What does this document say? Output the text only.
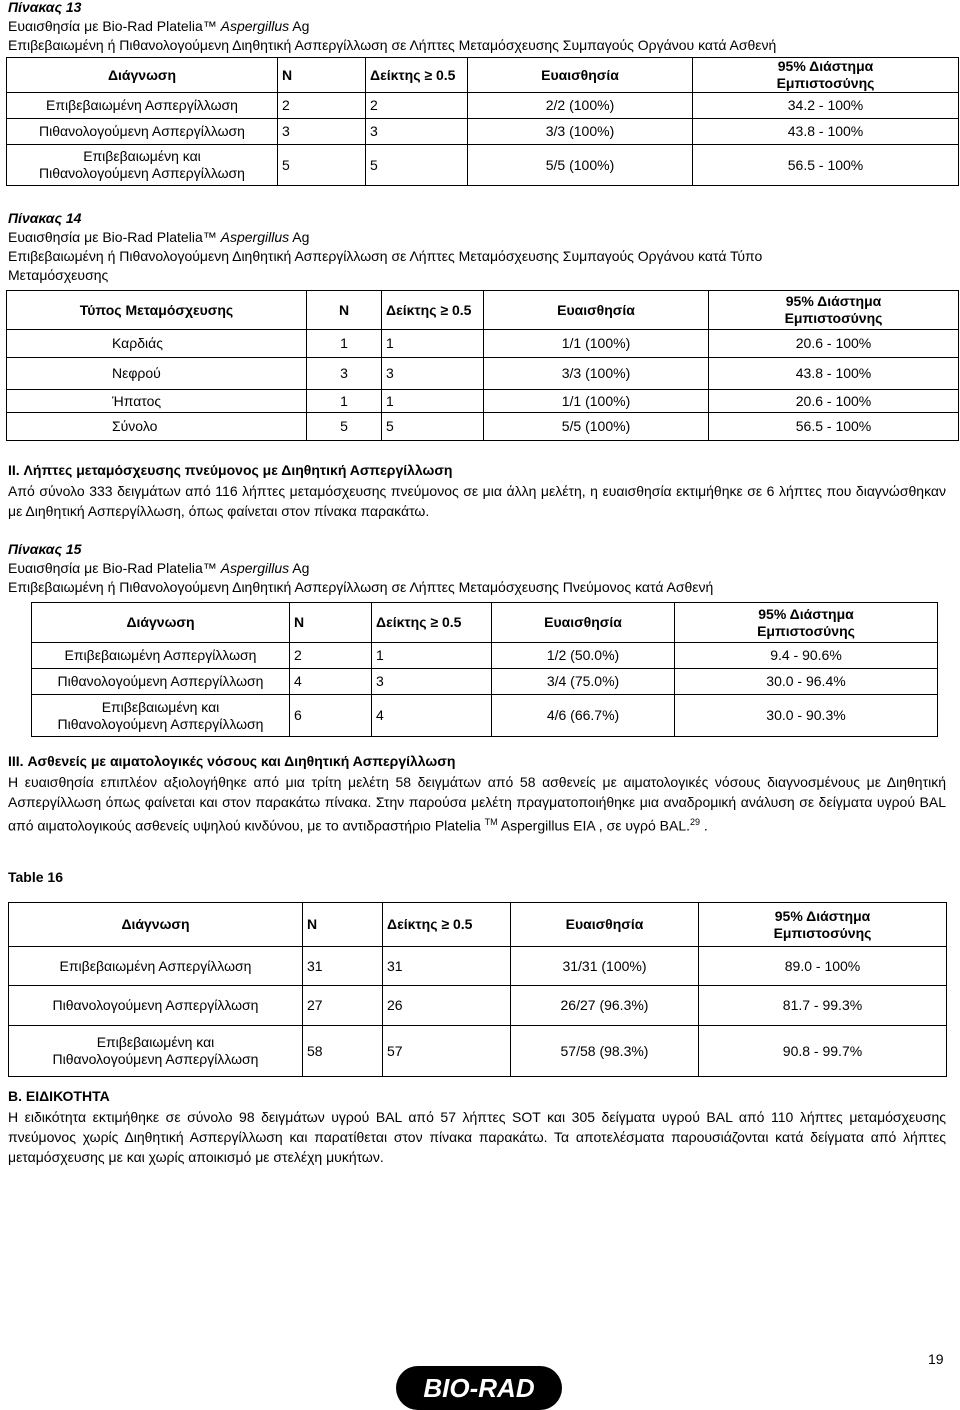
Πίνακας 13
Ευαισθησία με Bio-Rad Platelia™ Aspergillus Ag
Επιβεβαιωμένη ή Πιθανολογούμενη Διηθητική Ασπεργίλλωση σε Λήπτες Μεταμόσχευσης Συμπαγούς Οργάνου κατά Ασθενή
Διάγνωση	N	Δείκτης ≥ 0.5	Ευαισθησία	95% Διάστημα
Εμπιστοσύνης
Επιβεβαιωμένη Ασπεργίλλωση	2	2	2/2 (100%)	34.2 - 100%
Πιθανολογούμενη Ασπεργίλλωση	3	3	3/3 (100%)	43.8 - 100%
Επιβεβαιωμένη και
Πιθανολογούμενη Ασπεργίλλωση	5	5	5/5 (100%)	56.5 - 100%
Πίνακας 14
Ευαισθησία με Bio-Rad Platelia™ Aspergillus Ag
Επιβεβαιωμένη ή Πιθανολογούμενη Διηθητική Ασπεργίλλωση σε Λήπτες Μεταμόσχευσης Συμπαγούς Οργάνου κατά Τύπο
Μεταμόσχευσης
Τύπος Μεταμόσχευσης	N	Δείκτης ≥ 0.5	Ευαισθησία	95% Διάστημα
Εμπιστοσύνης
Καρδιάς	1	1	1/1 (100%)	20.6 - 100%
Νεφρού	3	3	3/3 (100%)	43.8 - 100%
Ήπατος	1	1	1/1 (100%)	20.6 - 100%
Σύνολο	5	5	5/5 (100%)	56.5 - 100%
II. Λήπτες μεταμόσχευσης πνεύμονος με Διηθητική Ασπεργίλλωση
Από σύνολο 333 δειγμάτων από 116 λήπτες μεταμόσχευσης πνεύμονος σε μια άλλη μελέτη, η ευαισθησία εκτιμήθηκε σε 6 λήπτες που διαγνώσθηκαν με Διηθητική Ασπεργίλλωση, όπως φαίνεται στον πίνακα παρακάτω.
Πίνακας 15
Ευαισθησία με Bio-Rad Platelia™ Aspergillus Ag
Επιβεβαιωμένη ή Πιθανολογούμενη Διηθητική Ασπεργίλλωση σε Λήπτες Μεταμόσχευσης Πνεύμονος κατά Ασθενή
Διάγνωση	N	Δείκτης ≥ 0.5	Ευαισθησία	95% Διάστημα
Εμπιστοσύνης
Επιβεβαιωμένη Ασπεργίλλωση	2	1	1/2 (50.0%)	9.4 - 90.6%
Πιθανολογούμενη Ασπεργίλλωση	4	3	3/4 (75.0%)	30.0 - 96.4%
Επιβεβαιωμένη και
Πιθανολογούμενη Ασπεργίλλωση	6	4	4/6 (66.7%)	30.0 - 90.3%
III. Ασθενείς με αιματολογικές νόσους και Διηθητική Ασπεργίλλωση
Η ευαισθησία επιπλέον αξιολογήθηκε από μια τρίτη μελέτη 58 δειγμάτων από 58 ασθενείς με αιματολογικές νόσους διαγνοσμένους με Διηθητική Ασπεργίλλωση όπως φαίνεται και στον παρακάτω πίνακα. Στην παρούσα μελέτη πραγματοποιήθηκε μια αναδρομική ανάλυση σε δείγματα υγρού BAL από αιματολογικούς ασθενείς υψηλού κινδύνου, με το αντιδραστήριο Platelia ™ Aspergillus EIA , σε υγρό BAL.$^{29}$ .
Table 16
Διάγνωση	N	Δείκτης ≥ 0.5	Ευαισθησία	95% Διάστημα
Εμπιστοσύνης
Επιβεβαιωμένη Ασπεργίλλωση	31	31	31/31 (100%)	89.0 - 100%
Πιθανολογούμενη Ασπεργίλλωση	27	26	26/27 (96.3%)	81.7 - 99.3%
Επιβεβαιωμένη και
Πιθανολογούμενη Ασπεργίλλωση	58	57	57/58 (98.3%)	90.8 - 99.7%
B. ΕΙΔΙΚΟΤΗΤΑ
Η ειδικότητα εκτιμήθηκε σε σύνολο 98 δειγμάτων υγρού BAL από 57 λήπτες SOT και 305 δείγματα υγρού BAL από 110 λήπτες μεταμόσχευσης πνεύμονος χωρίς Διηθητική Ασπεργίλλωση και παρατίθεται στον πίνακα παρακάτω. Τα αποτελέσματα παρουσιάζονται κατά δείγματα από λήπτες μεταμόσχευσης με και χωρίς αποικισμό με στελέχη μυκήτων.
19
BIO-RAD
